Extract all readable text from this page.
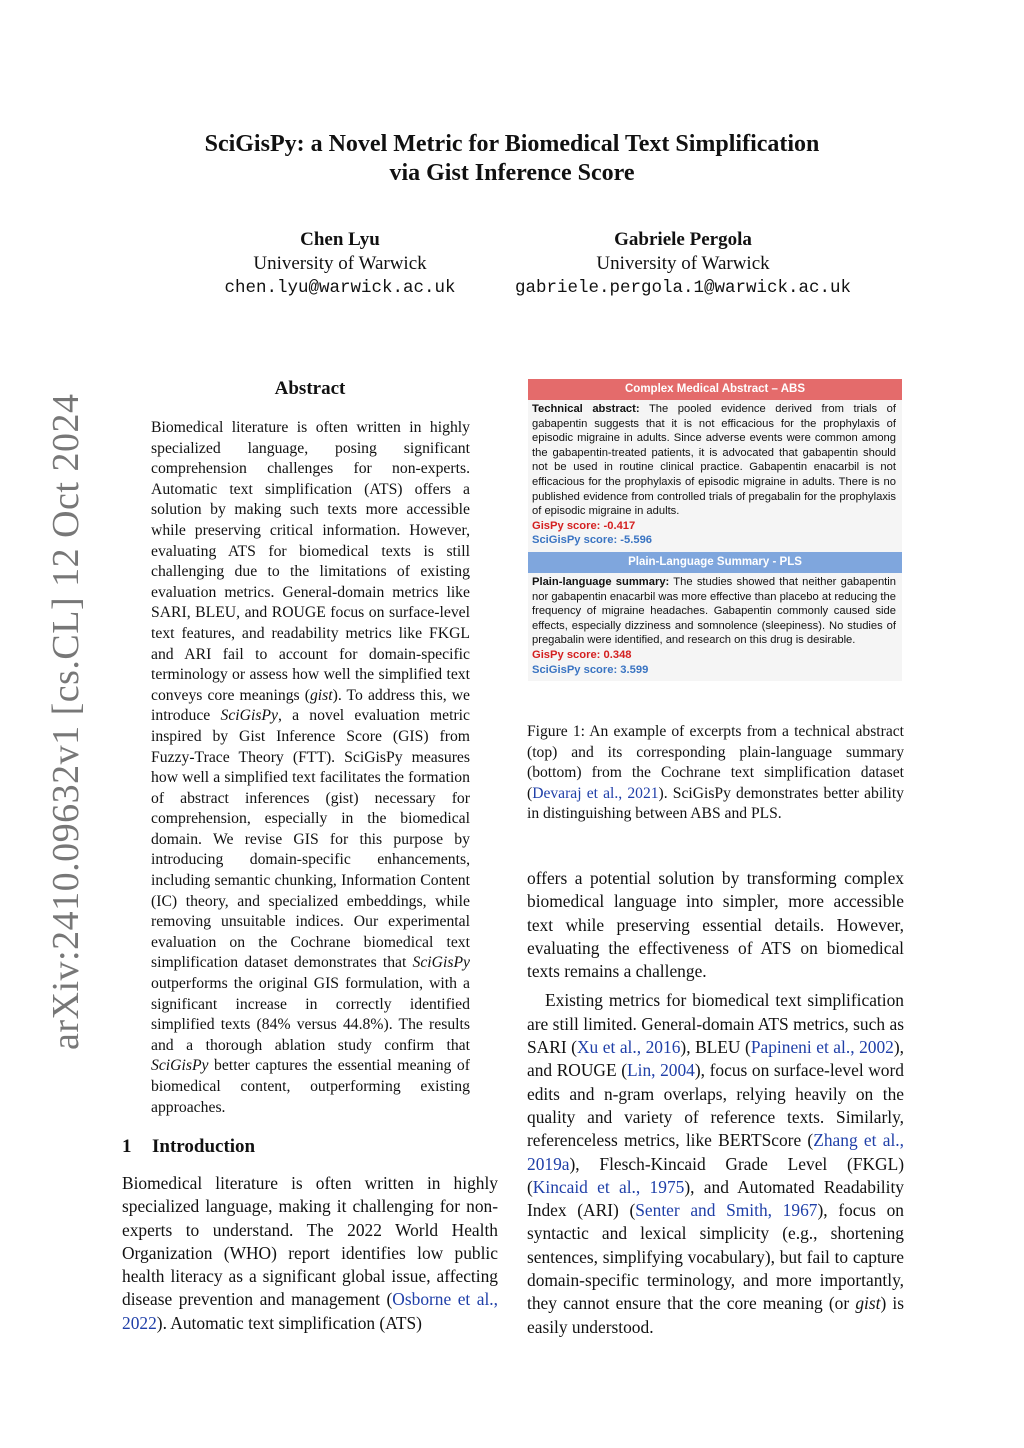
arXiv:2410.09632v1 [cs.CL] 12 Oct 2024
SciGisPy: a Novel Metric for Biomedical Text Simplification
via Gist Inference Score
Chen Lyu
University of Warwick
chen.lyu@warwick.ac.uk
Gabriele Pergola
University of Warwick
gabriele.pergola.1@warwick.ac.uk
Abstract
Biomedical literature is often written in highly specialized language, posing significant comprehension challenges for non-experts. Automatic text simplification (ATS) offers a solution by making such texts more accessible while preserving critical information. However, evaluating ATS for biomedical texts is still challenging due to the limitations of existing evaluation metrics. General-domain metrics like SARI, BLEU, and ROUGE focus on surface-level text features, and readability metrics like FKGL and ARI fail to account for domain-specific terminology or assess how well the simplified text conveys core meanings (gist). To address this, we introduce SciGisPy, a novel evaluation metric inspired by Gist Inference Score (GIS) from Fuzzy-Trace Theory (FTT). SciGisPy measures how well a simplified text facilitates the formation of abstract inferences (gist) necessary for comprehension, especially in the biomedical domain. We revise GIS for this purpose by introducing domain-specific enhancements, including semantic chunking, Information Content (IC) theory, and specialized embeddings, while removing unsuitable indices. Our experimental evaluation on the Cochrane biomedical text simplification dataset demonstrates that SciGisPy outperforms the original GIS formulation, with a significant increase in correctly identified simplified texts (84% versus 44.8%). The results and a thorough ablation study confirm that SciGisPy better captures the essential meaning of biomedical content, outperforming existing approaches.
1 Introduction
Biomedical literature is often written in highly specialized language, making it challenging for non-experts to understand. The 2022 World Health Organization (WHO) report identifies low public health literacy as a significant global issue, affecting disease prevention and management (Osborne et al., 2022). Automatic text simplification (ATS)
Complex Medical Abstract – ABS
Technical abstract: The pooled evidence derived from trials of gabapentin suggests that it is not efficacious for the prophylaxis of episodic migraine in adults. Since adverse events were common among the gabapentin-treated patients, it is advocated that gabapentin should not be used in routine clinical practice. Gabapentin enacarbil is not efficacious for the prophylaxis of episodic migraine in adults. There is no published evidence from controlled trials of pregabalin for the prophylaxis of episodic migraine in adults.
GisPy score: -0.417
SciGisPy score: -5.596
Plain-Language Summary - PLS
Plain-language summary: The studies showed that neither gabapentin nor gabapentin enacarbil was more effective than placebo at reducing the frequency of migraine headaches. Gabapentin commonly caused side effects, especially dizziness and somnolence (sleepiness). No studies of pregabalin were identified, and research on this drug is desirable.
GisPy score: 0.348
SciGisPy score: 3.599
Figure 1: An example of excerpts from a technical abstract (top) and its corresponding plain-language summary (bottom) from the Cochrane text simplification dataset (Devaraj et al., 2021). SciGisPy demonstrates better ability in distinguishing between ABS and PLS.

offers a potential solution by transforming complex biomedical language into simpler, more accessible text while preserving essential details. However, evaluating the effectiveness of ATS on biomedical texts remains a challenge.

Existing metrics for biomedical text simplification are still limited. General-domain ATS metrics, such as SARI (Xu et al., 2016), BLEU (Papineni et al., 2002), and ROUGE (Lin, 2004), focus on surface-level word edits and n-gram overlaps, relying heavily on the quality and variety of reference texts. Similarly, referenceless metrics, like BERTScore (Zhang et al., 2019a), Flesch-Kincaid Grade Level (FKGL) (Kincaid et al., 1975), and Automated Readability Index (ARI) (Senter and Smith, 1967), focus on syntactic and lexical simplicity (e.g., shortening sentences, simplifying vocabulary), but fail to capture domain-specific terminology, and more importantly, they cannot ensure that the core meaning (or gist) is easily understood.
